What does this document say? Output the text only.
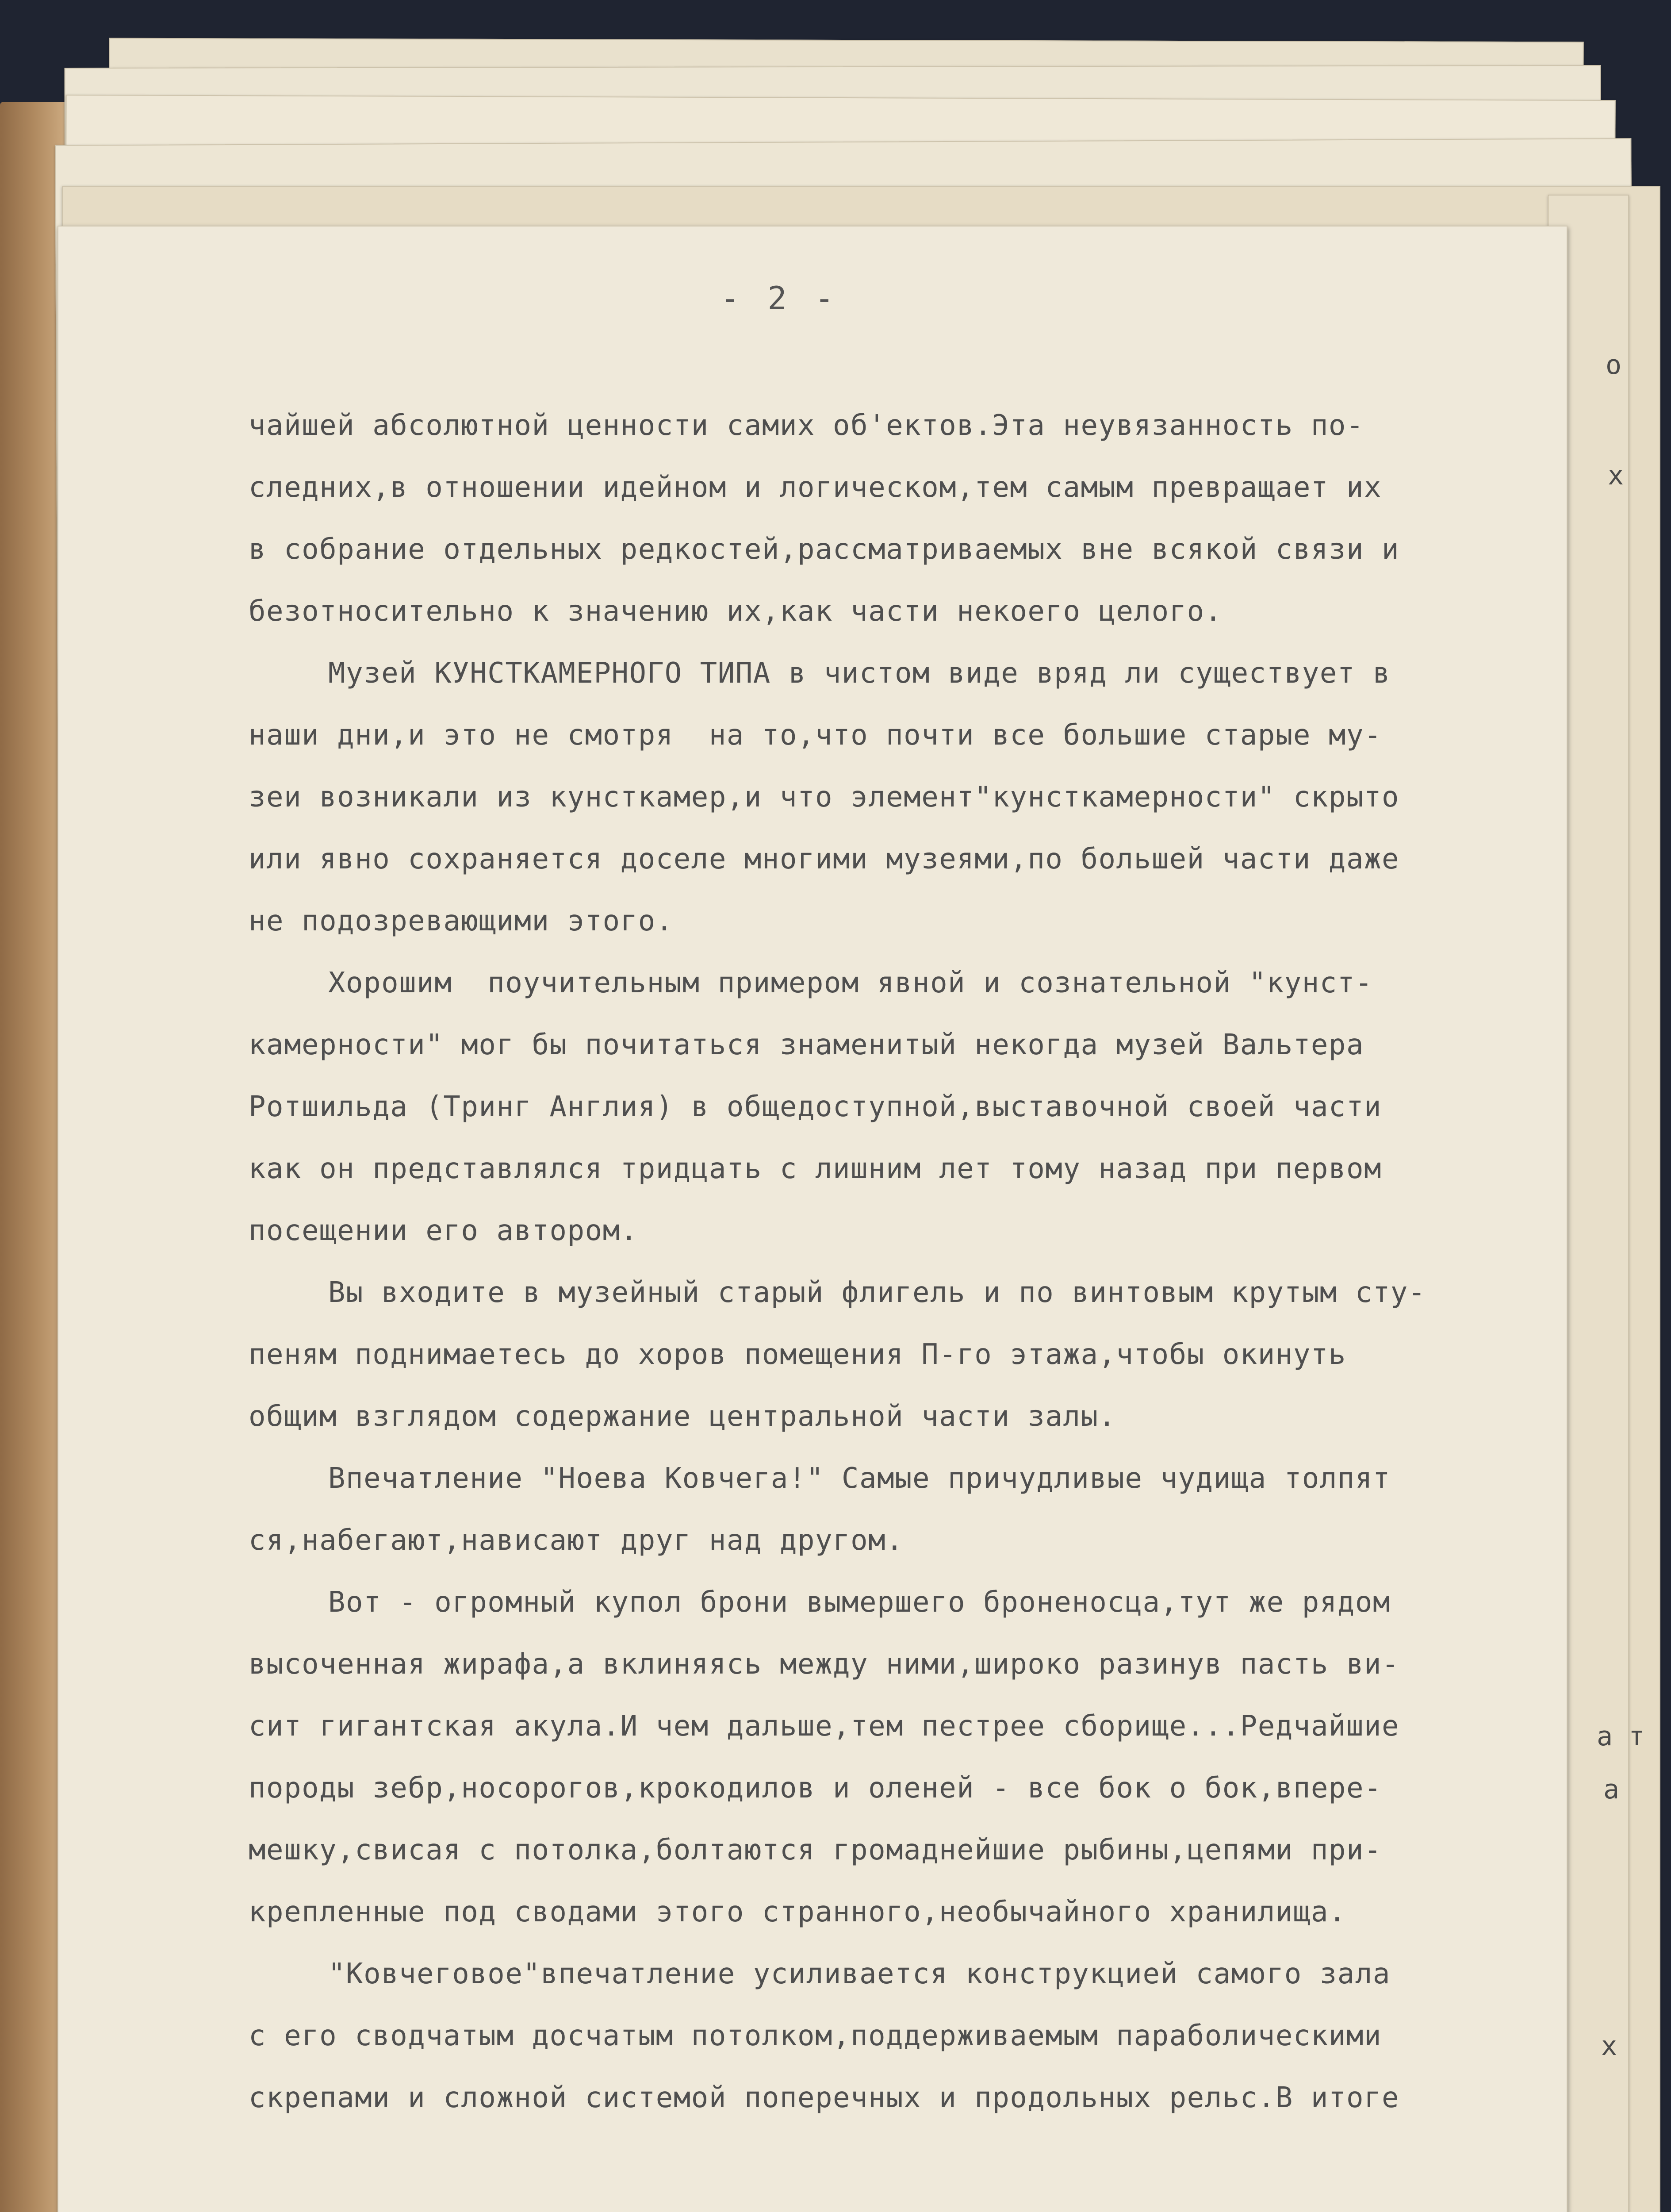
о
x
a т
a
x
- 2 -
чайшей абсолютной ценности самих об'ектов.Эта неувязанность по-
следних,в отношении идейном и логическом,тем самым превращает их
в собрание отдельных редкостей,рассматриваемых вне всякой связи и
безотносительно к значению их,как части некоего целого.
Музей КУНСТКАМЕРНОГО ТИПА в чистом виде вряд ли существует в
наши дни,и это не смотря  на то,что почти все большие старые му-
зеи возникали из кунсткамер,и что элемент"кунсткамерности" скрыто
или явно сохраняется доселе многими музеями,по большей части даже
не подозревающими этого.
Хорошим  поучительным примером явной и сознательной "кунст-
камерности" мог бы почитаться знаменитый некогда музей Вальтера
Ротшильда (Тринг Англия) в общедоступной,выставочной своей части
как он представлялся тридцать с лишним лет тому назад при первом
посещении его автором.
Вы входите в музейный старый флигель и по винтовым крутым сту-
пеням поднимаетесь до хоров помещения П-го этажа,чтобы окинуть
общим взглядом содержание центральной части залы.
Впечатление "Ноева Ковчега!" Самые причудливые чудища толпят
ся,набегают,нависают друг над другом.
Вот - огромный купол брони вымершего броненосца,тут же рядом
высоченная жирафа,а вклиняясь между ними,широко разинув пасть ви-
сит гигантская акула.И чем дальше,тем пестрее сборище...Редчайшие
породы зебр,носорогов,крокодилов и оленей - все бок о бок,впере-
мешку,свисая с потолка,болтаются громаднейшие рыбины,цепями при-
крепленные под сводами этого странного,необычайного хранилища.
"Ковчеговое"впечатление усиливается конструкцией самого зала
с его сводчатым досчатым потолком,поддерживаемым параболическими
скрепами и сложной системой поперечных и продольных рельс.В итоге
